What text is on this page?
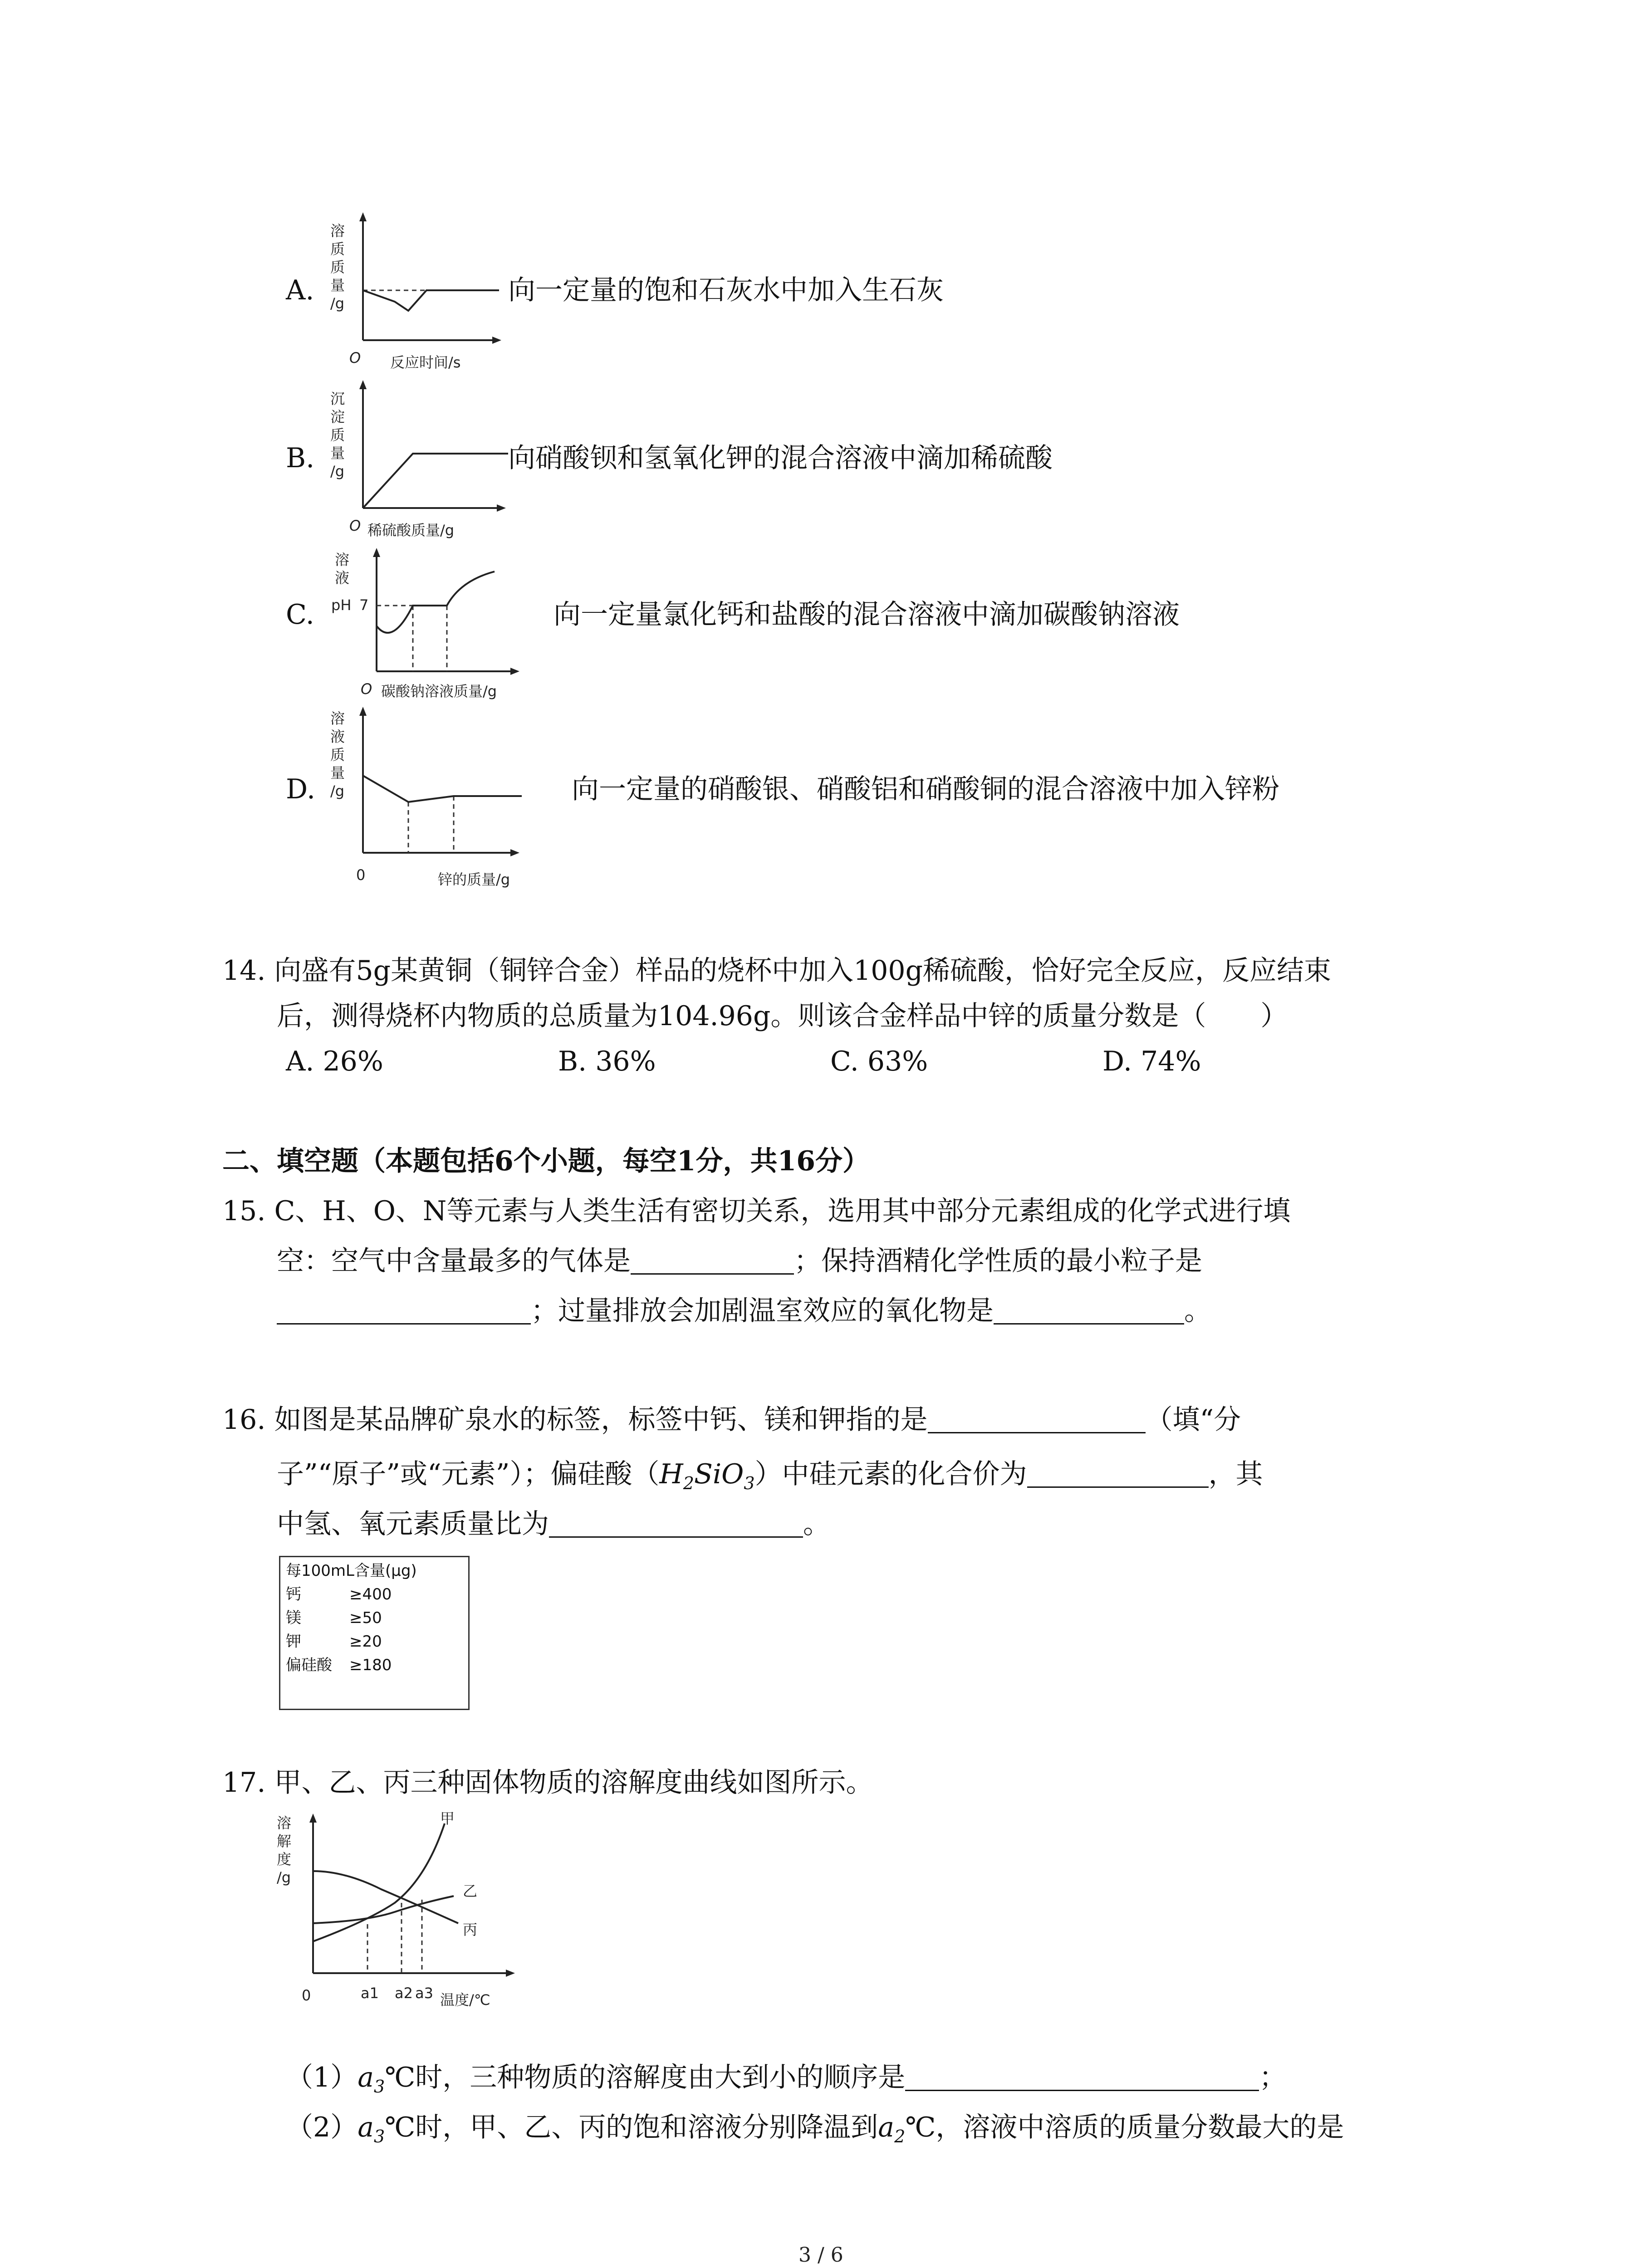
A.
溶
质
质
量
/g
O 反应时间/s
向一定量的饱和石灰水中加入生石灰
B.
沉
淀
质
量
/g
O 稀硫酸质量/g
向硝酸钡和氢氧化钾的混合溶液中滴加稀硫酸
C.
溶
液
pH 7
O 碳酸钠溶液质量/g
向一定量氯化钙和盐酸的混合溶液中滴加碳酸钠溶液
D.
溶
液
质
量
/g
0	锌的质量/g
向一定量的硝酸银、硝酸铝和硝酸铜的混合溶液中加入锌粉
14. 向盛有5g某黄铜（铜锌合金）样品的烧杯中加入100g稀硫酸，恰好完全反应，反应结束
后，测得烧杯内物质的总质量为104.96g。则该合金样品中锌的质量分数是（　　）
A. 26%	B. 36%	C. 63%	D. 74%
二、填空题（本题包括6个小题，每空1分，共16分）
15. C、H、O、N等元素与人类生活有密切关系，选用其中部分元素组成的化学式进行填
空：空气中含量最多的气体是	；保持酒精化学性质的最小粒子是
；过量排放会加剧温室效应的氧化物是	。
16. 如图是某品牌矿泉水的标签，标签中钙、镁和钾指的是	（填“分
子”“原子”或“元素”）；偏硅酸$(H_2SiO_3)$中硅元素的化合价为	，其
中氢、氧元素质量比为	。
每100mL含量(μg)
钙	≥400
镁	≥50
钾	≥20
偏硅酸	≥180
17. 甲、乙、丙三种固体物质的溶解度曲线如图所示。
溶
解
度
/g
甲
乙
丙
0	a1 a2 a3 温度/℃
$(1)a_3℃$时，三种物质的溶解度由大到小的顺序是	；
$(2)a_3℃$时，甲、乙、丙的饱和溶液分别降温到$a_2℃$，溶液中溶质的质量分数最大的是
3 / 6
